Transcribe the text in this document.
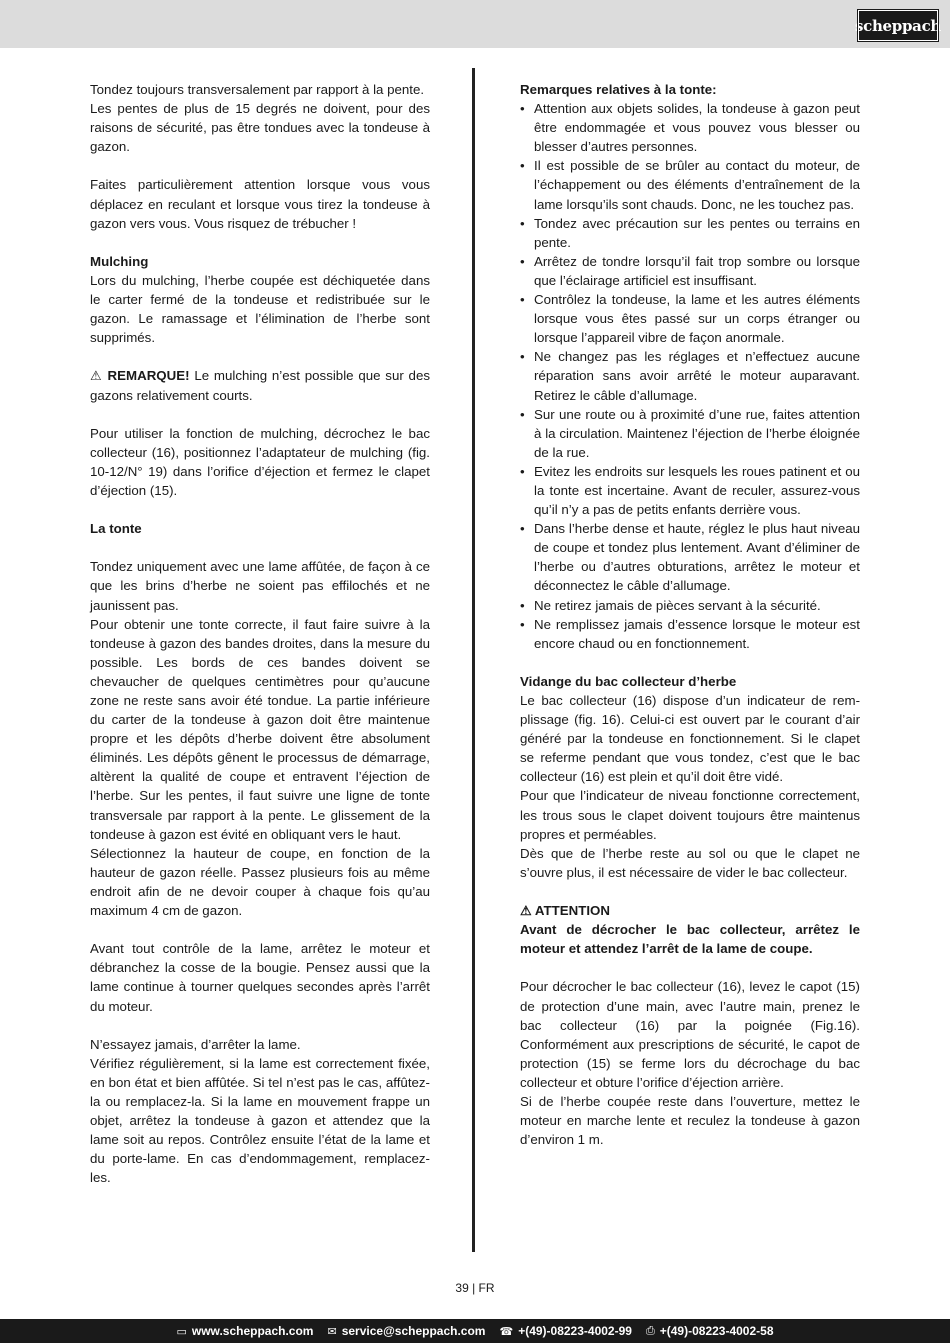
scheppach

Tondez toujours transversalement par rapport à la pente.

Les pentes de plus de 15 degrés ne doivent, pour des raisons de sécurité, pas être tondues avec la tondeuse à gazon.

Faites particulièrement attention lorsque vous vous déplacez en reculant et lorsque vous tirez la tondeuse à gazon vers vous. Vous risquez de trébucher !

Mulching

Lors du mulching, l’herbe coupée est déchiquetée dans le carter fermé de la tondeuse et redistribuée sur le gazon. Le ramassage et l’élimination de l’herbe sont supprimés.

⚠ REMARQUE! Le mulching n’est possible que sur des gazons relativement courts.

Pour utiliser la fonction de mulching, décrochez le bac collecteur (16), positionnez l’adaptateur de mulching (fig. 10-12/N° 19) dans l’orifice d’éjection et fermez le clapet d’éjection (15).

La tonte

Tondez uniquement avec une lame affûtée, de façon à ce que les brins d’herbe ne soient pas effilochés et ne jaunissent pas.

Pour obtenir une tonte correcte, il faut faire suivre à la tondeuse à gazon des bandes droites, dans la mesure du possible. Les bords de ces bandes doivent se chevaucher de quelques centimètres pour qu’aucune zone ne reste sans avoir été tondue. La partie inférieure du carter de la tondeuse à gazon doit être maintenue propre et les dépôts d’herbe doivent être absolument éliminés. Les dépôts gênent le processus de démarrage, altèrent la qualité de coupe et entravent l’éjection de l’herbe. Sur les pentes, il faut suivre une ligne de tonte transversale par rapport à la pente. Le glissement de la tondeuse à gazon est évité en obliquant vers le haut.

Sélectionnez la hauteur de coupe, en fonction de la hauteur de gazon réelle. Passez plusieurs fois au même endroit afin de ne devoir couper à chaque fois qu’au maximum 4 cm de gazon.

Avant tout contrôle de la lame, arrêtez le moteur et débranchez la cosse de la bougie. Pensez aussi que la lame continue à tourner quelques secondes après l’arrêt du moteur.

N’essayez jamais, d’arrêter la lame.

Vérifiez régulièrement, si la lame est correctement fixée, en bon état et bien affûtée. Si tel n’est pas le cas, affûtez-la ou remplacez-la. Si la lame en mouvement frappe un objet, arrêtez la tondeuse à gazon et attendez que la lame soit au repos. Contrôlez ensuite l’état de la lame et du porte-lame. En cas d’endommagement, remplacez-les.

Remarques relatives à la tonte:

• Attention aux objets solides, la tondeuse à gazon peut être endommagée et vous pouvez vous blesser ou blesser d’autres personnes.
• Il est possible de se brûler au contact du moteur, de l’échappement ou des éléments d’entraînement de la lame lorsqu’ils sont chauds. Donc, ne les touchez pas.
• Tondez avec précaution sur les pentes ou terrains en pente.
• Arrêtez de tondre lorsqu’il fait trop sombre ou lorsque que l’éclairage artificiel est insuffisant.
• Contrôlez la tondeuse, la lame et les autres éléments lorsque vous êtes passé sur un corps étranger ou lorsque l’appareil vibre de façon anormale.
• Ne changez pas les réglages et n’effectuez aucune réparation sans avoir arrêté le moteur auparavant. Retirez le câble d’allumage.
• Sur une route ou à proximité d’une rue, faites attention à la circulation. Maintenez l’éjection de l’herbe éloignée de la rue.
• Evitez les endroits sur lesquels les roues patinent et ou la tonte est incertaine. Avant de reculer, assurez-vous qu’il n’y a pas de petits enfants derrière vous.
• Dans l’herbe dense et haute, réglez le plus haut niveau de coupe et tondez plus lentement. Avant d’éliminer de l’herbe ou d’autres obturations, arrêtez le moteur et déconnectez le câble d’allumage.
• Ne retirez jamais de pièces servant à la sécurité.
• Ne remplissez jamais d’essence lorsque le moteur est encore chaud ou en fonctionnement.

Vidange du bac collecteur d’herbe

Le bac collecteur (16) dispose d’un indicateur de remplissage (fig. 16). Celui-ci est ouvert par le courant d’air généré par la tondeuse en fonctionnement. Si le clapet se referme pendant que vous tondez, c’est que le bac collecteur (16) est plein et qu’il doit être vidé.

Pour que l’indicateur de niveau fonctionne correctement, les trous sous le clapet doivent toujours être maintenus propres et perméables.

Dès que de l’herbe reste au sol ou que le clapet ne s’ouvre plus, il est nécessaire de vider le bac collecteur.

⚠ ATTENTION

Avant de décrocher le bac collecteur, arrêtez le moteur et attendez l’arrêt de la lame de coupe.

Pour décrocher le bac collecteur (16), levez le capot (15) de protection d’une main, avec l’autre main, prenez le bac collecteur (16) par la poignée (Fig.16). Conformément aux prescriptions de sécurité, le capot de protection (15) se ferme lors du décrochage du bac collecteur et obture l’orifice d’éjection arrière.

Si de l’herbe coupée reste dans l’ouverture, mettez le moteur en marche lente et reculez la tondeuse à gazon d’environ 1 m.

39 | FR
▭ www.scheppach.com ✉ service@scheppach.com ☎ +(49)-08223-4002-99 ⎙ +(49)-08223-4002-58
